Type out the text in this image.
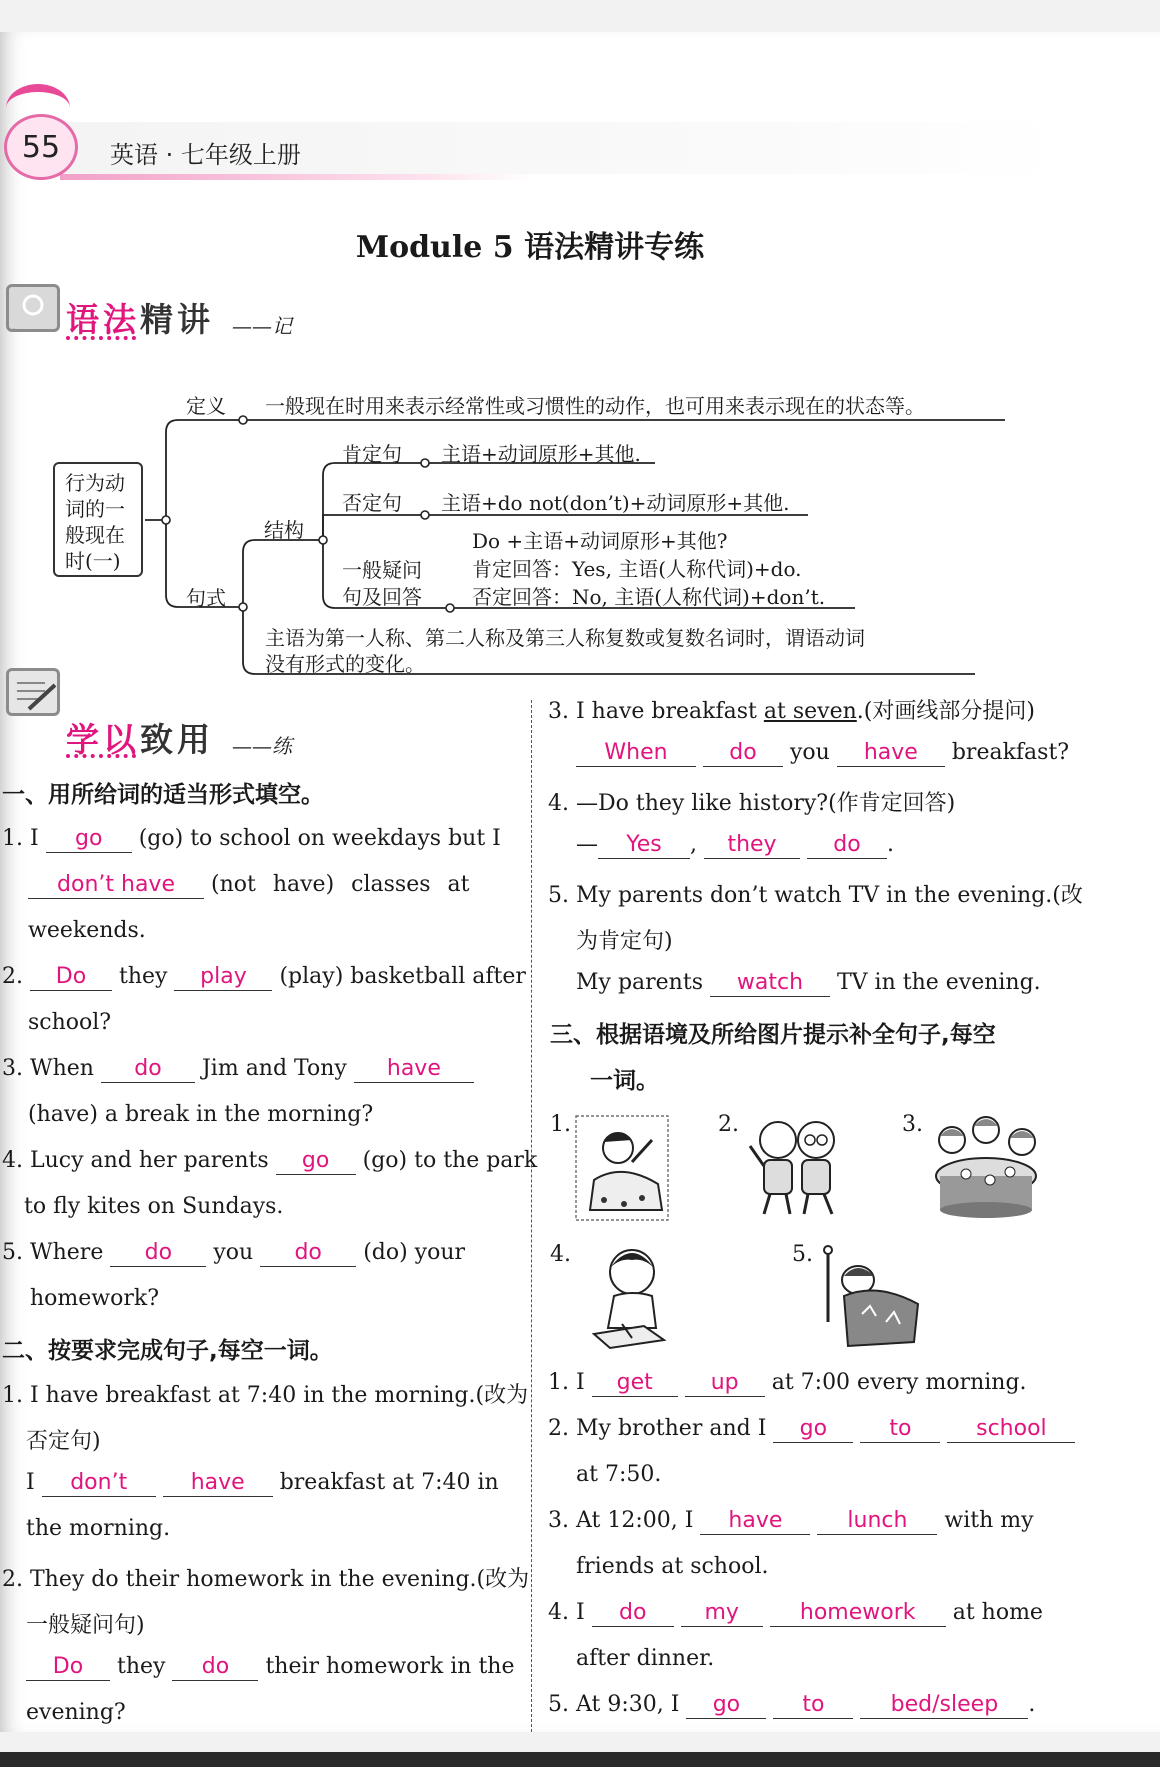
55	英语 · 七年级上册
Module 5 语法精讲专练
语法精讲 ——记
行为动词的一般现在时(一)
定义 一般现在时用来表示经常性或习惯性的动作，也可用来表示现在的状态等。
句式
结构
肯定句 主语+动词原形+其他.
否定句 主语+do not(don’t)+动词原形+其他.
一般疑问
句及回答
Do +主语+动词原形+其他?
肯定回答：Yes, 主语(人称代词)+do.
否定回答：No, 主语(人称代词)+don’t.
主语为第一人称、第二人称及第三人称复数或复数名词时，谓语动词
没有形式的变化。
学以致用 ——练
一、用所给词的适当形式填空。
1. I go (go) to school on weekdays but I
don’t have (not have) classes at
weekends.
2. Do they play (play) basketball after
school?
3. When do Jim and Tony have
(have) a break in the morning?
4. Lucy and her parents go (go) to the park
to fly kites on Sundays.
5. Where do you do (do) your
homework?
二、按要求完成句子,每空一词。
1. I have breakfast at 7:40 in the morning.(改为
否定句)
I don’t	have breakfast at 7:40 in
the morning.
2. They do their homework in the evening.(改为
一般疑问句)
Do they do their homework in the
evening?
3. I have breakfast at seven.(对画线部分提问)
When	do you have breakfast?
4. —Do they like history?(作肯定回答)
— Yes , they	do .
5. My parents don’t watch TV in the evening.(改
为肯定句)
My parents watch TV in the evening.
三、根据语境及所给图片提示补全句子,每空
一词。
1.	2.	3.
4.	5.
1. I get	up at 7:00 every morning.
2. My brother and I go	to	school
at 7:50.
3. At 12:00, I have	lunch with my
friends at school.
4. I do	my	homework at home
after dinner.
5. At 9:30, I go	to	bed/sleep .
